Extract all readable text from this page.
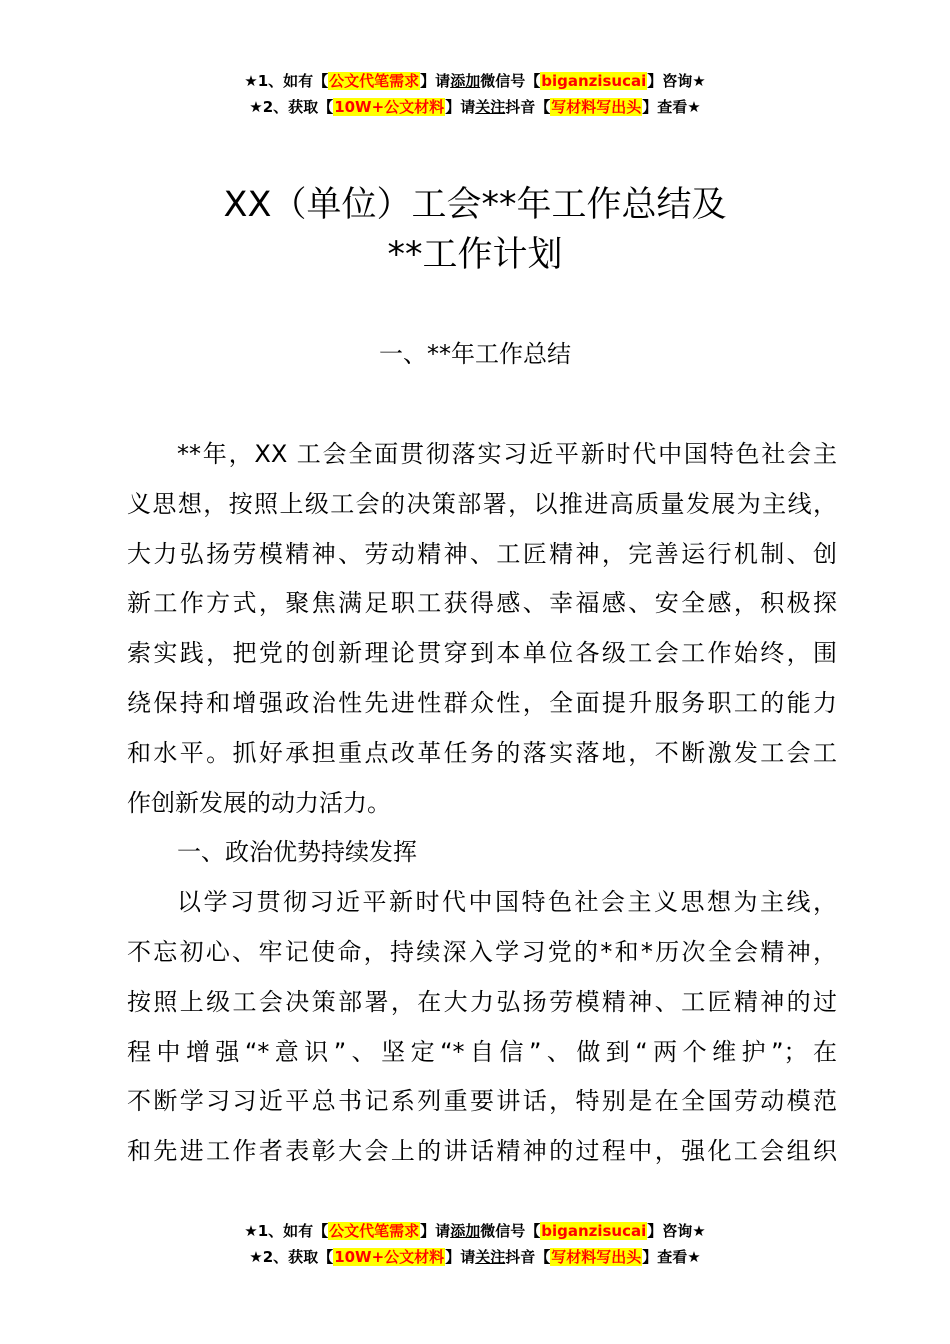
★1、如有【公文代笔需求】请添加微信号【biganzisucai】咨询★
★2、获取【10W+公文材料】请关注抖音【写材料写出头】查看★
XX（单位）工会**年工作总结及
**工作计划
一、**年工作总结
**年，XX 工会全面贯彻落实习近平新时代中国特色社会主
义思想，按照上级工会的决策部署，以推进高质量发展为主线，
大力弘扬劳模精神、劳动精神、工匠精神，完善运行机制、创
新工作方式，聚焦满足职工获得感、幸福感、安全感，积极探
索实践，把党的创新理论贯穿到本单位各级工会工作始终，围
绕保持和增强政治性先进性群众性，全面提升服务职工的能力
和水平。抓好承担重点改革任务的落实落地，不断激发工会工
作创新发展的动力活力。
一、政治优势持续发挥
以学习贯彻习近平新时代中国特色社会主义思想为主线，
不忘初心、牢记使命，持续深入学习党的*和*历次全会精神，
按照上级工会决策部署，在大力弘扬劳模精神、工匠精神的过
程中增强“*意识”、坚定“*自信”、做到“两个维护”；在
不断学习习近平总书记系列重要讲话，特别是在全国劳动模范
和先进工作者表彰大会上的讲话精神的过程中，强化工会组织
★1、如有【公文代笔需求】请添加微信号【biganzisucai】咨询★
★2、获取【10W+公文材料】请关注抖音【写材料写出头】查看★
